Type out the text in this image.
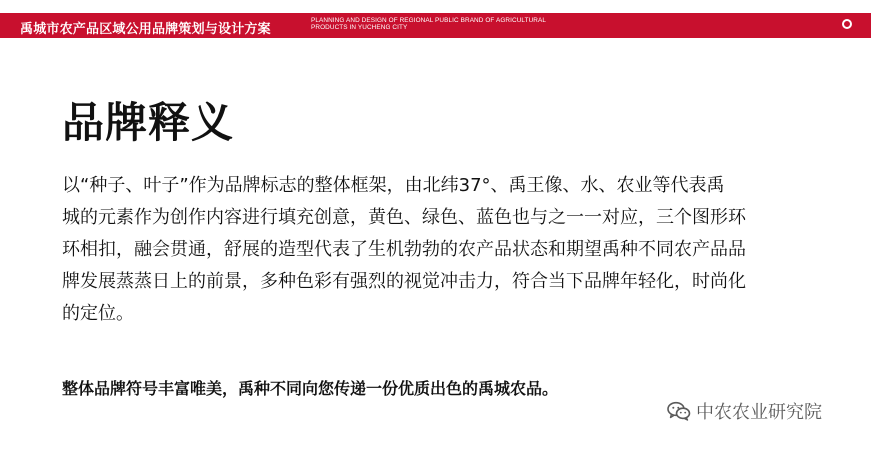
禹城市农产品区域公用品牌策划与设计方案
PLANNING AND DESIGN OF REGIONAL PUBLIC BRAND OF AGRICULTURAL PRODUCTS IN YUCHENG CITY
品牌释义
以“种子、叶子”作为品牌标志的整体框架，由北纬37°、禹王像、水、农业等代表禹
城的元素作为创作内容进行填充创意，黄色、绿色、蓝色也与之一一对应，三个图形环
环相扣，融会贯通，舒展的造型代表了生机勃勃的农产品状态和期望禹种不同农产品品
牌发展蒸蒸日上的前景，多种色彩有强烈的视觉冲击力，符合当下品牌年轻化，时尚化
的定位。
整体品牌符号丰富唯美，禹种不同向您传递一份优质出色的禹城农品。
中农农业研究院
